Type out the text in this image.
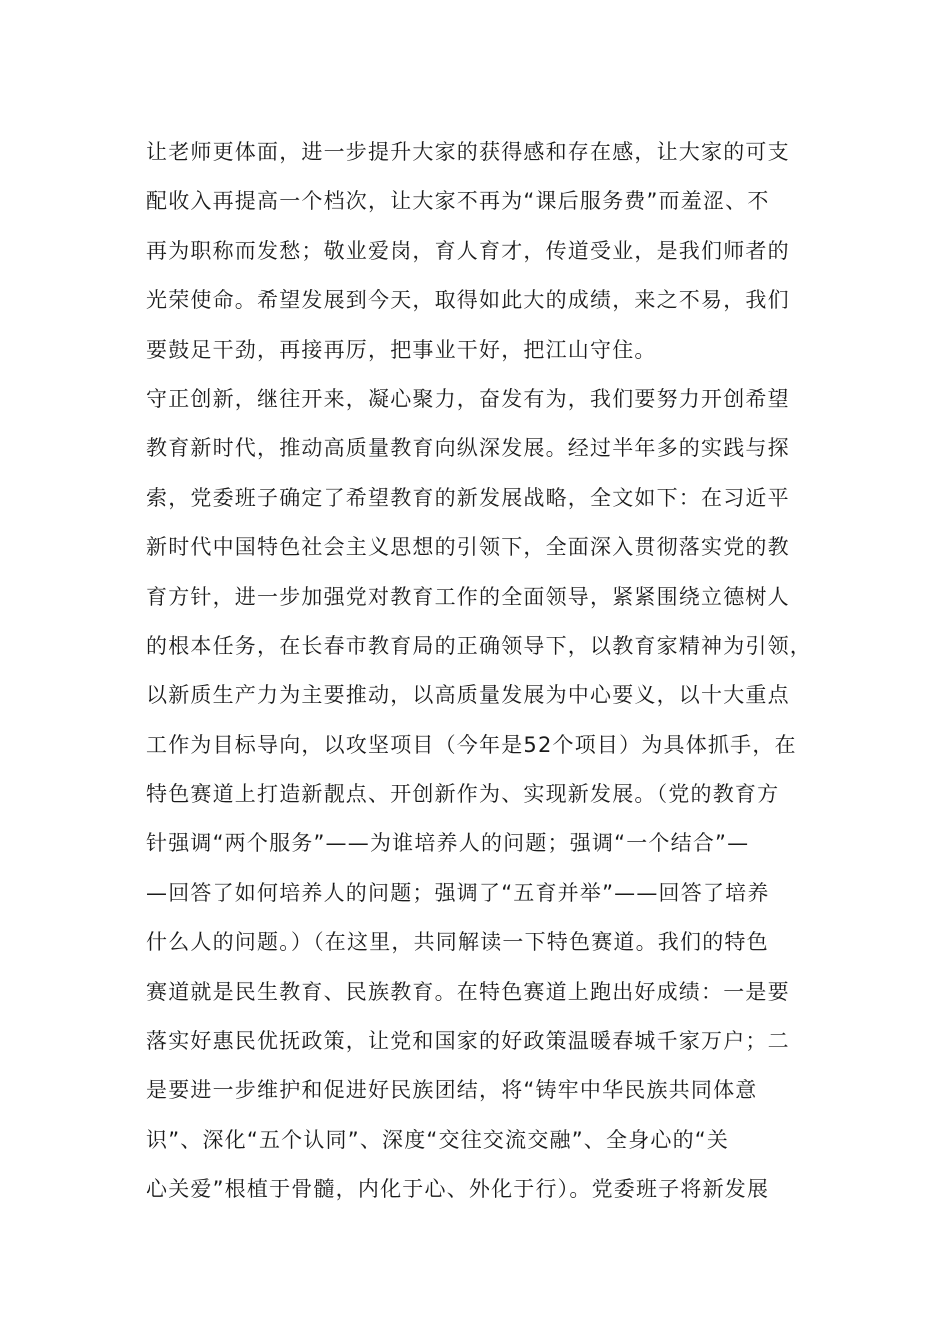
让老师更体面，进一步提升大家的获得感和存在感，让大家的可支
配收入再提高一个档次，让大家不再为“课后服务费”而羞涩、不
再为职称而发愁；敬业爱岗，育人育才，传道受业，是我们师者的
光荣使命。希望发展到今天，取得如此大的成绩，来之不易，我们
要鼓足干劲，再接再厉，把事业干好，把江山守住。
守正创新，继往开来，凝心聚力，奋发有为，我们要努力开创希望
教育新时代，推动高质量教育向纵深发展。经过半年多的实践与探
索，党委班子确定了希望教育的新发展战略，全文如下：在习近平
新时代中国特色社会主义思想的引领下，全面深入贯彻落实党的教
育方针，进一步加强党对教育工作的全面领导，紧紧围绕立德树人
的根本任务，在长春市教育局的正确领导下，以教育家精神为引领，
以新质生产力为主要推动，以高质量发展为中心要义，以十大重点
工作为目标导向，以攻坚项目（今年是52个项目）为具体抓手，在
特色赛道上打造新靓点、开创新作为、实现新发展。（党的教育方
针强调“两个服务”——为谁培养人的问题；强调“一个结合”—
—回答了如何培养人的问题；强调了“五育并举”——回答了培养
什么人的问题。）（在这里，共同解读一下特色赛道。我们的特色
赛道就是民生教育、民族教育。在特色赛道上跑出好成绩：一是要
落实好惠民优抚政策，让党和国家的好政策温暖春城千家万户；二
是要进一步维护和促进好民族团结，将“铸牢中华民族共同体意
识”、深化“五个认同”、深度“交往交流交融”、全身心的“关
心关爱”根植于骨髓，内化于心、外化于行）。党委班子将新发展
